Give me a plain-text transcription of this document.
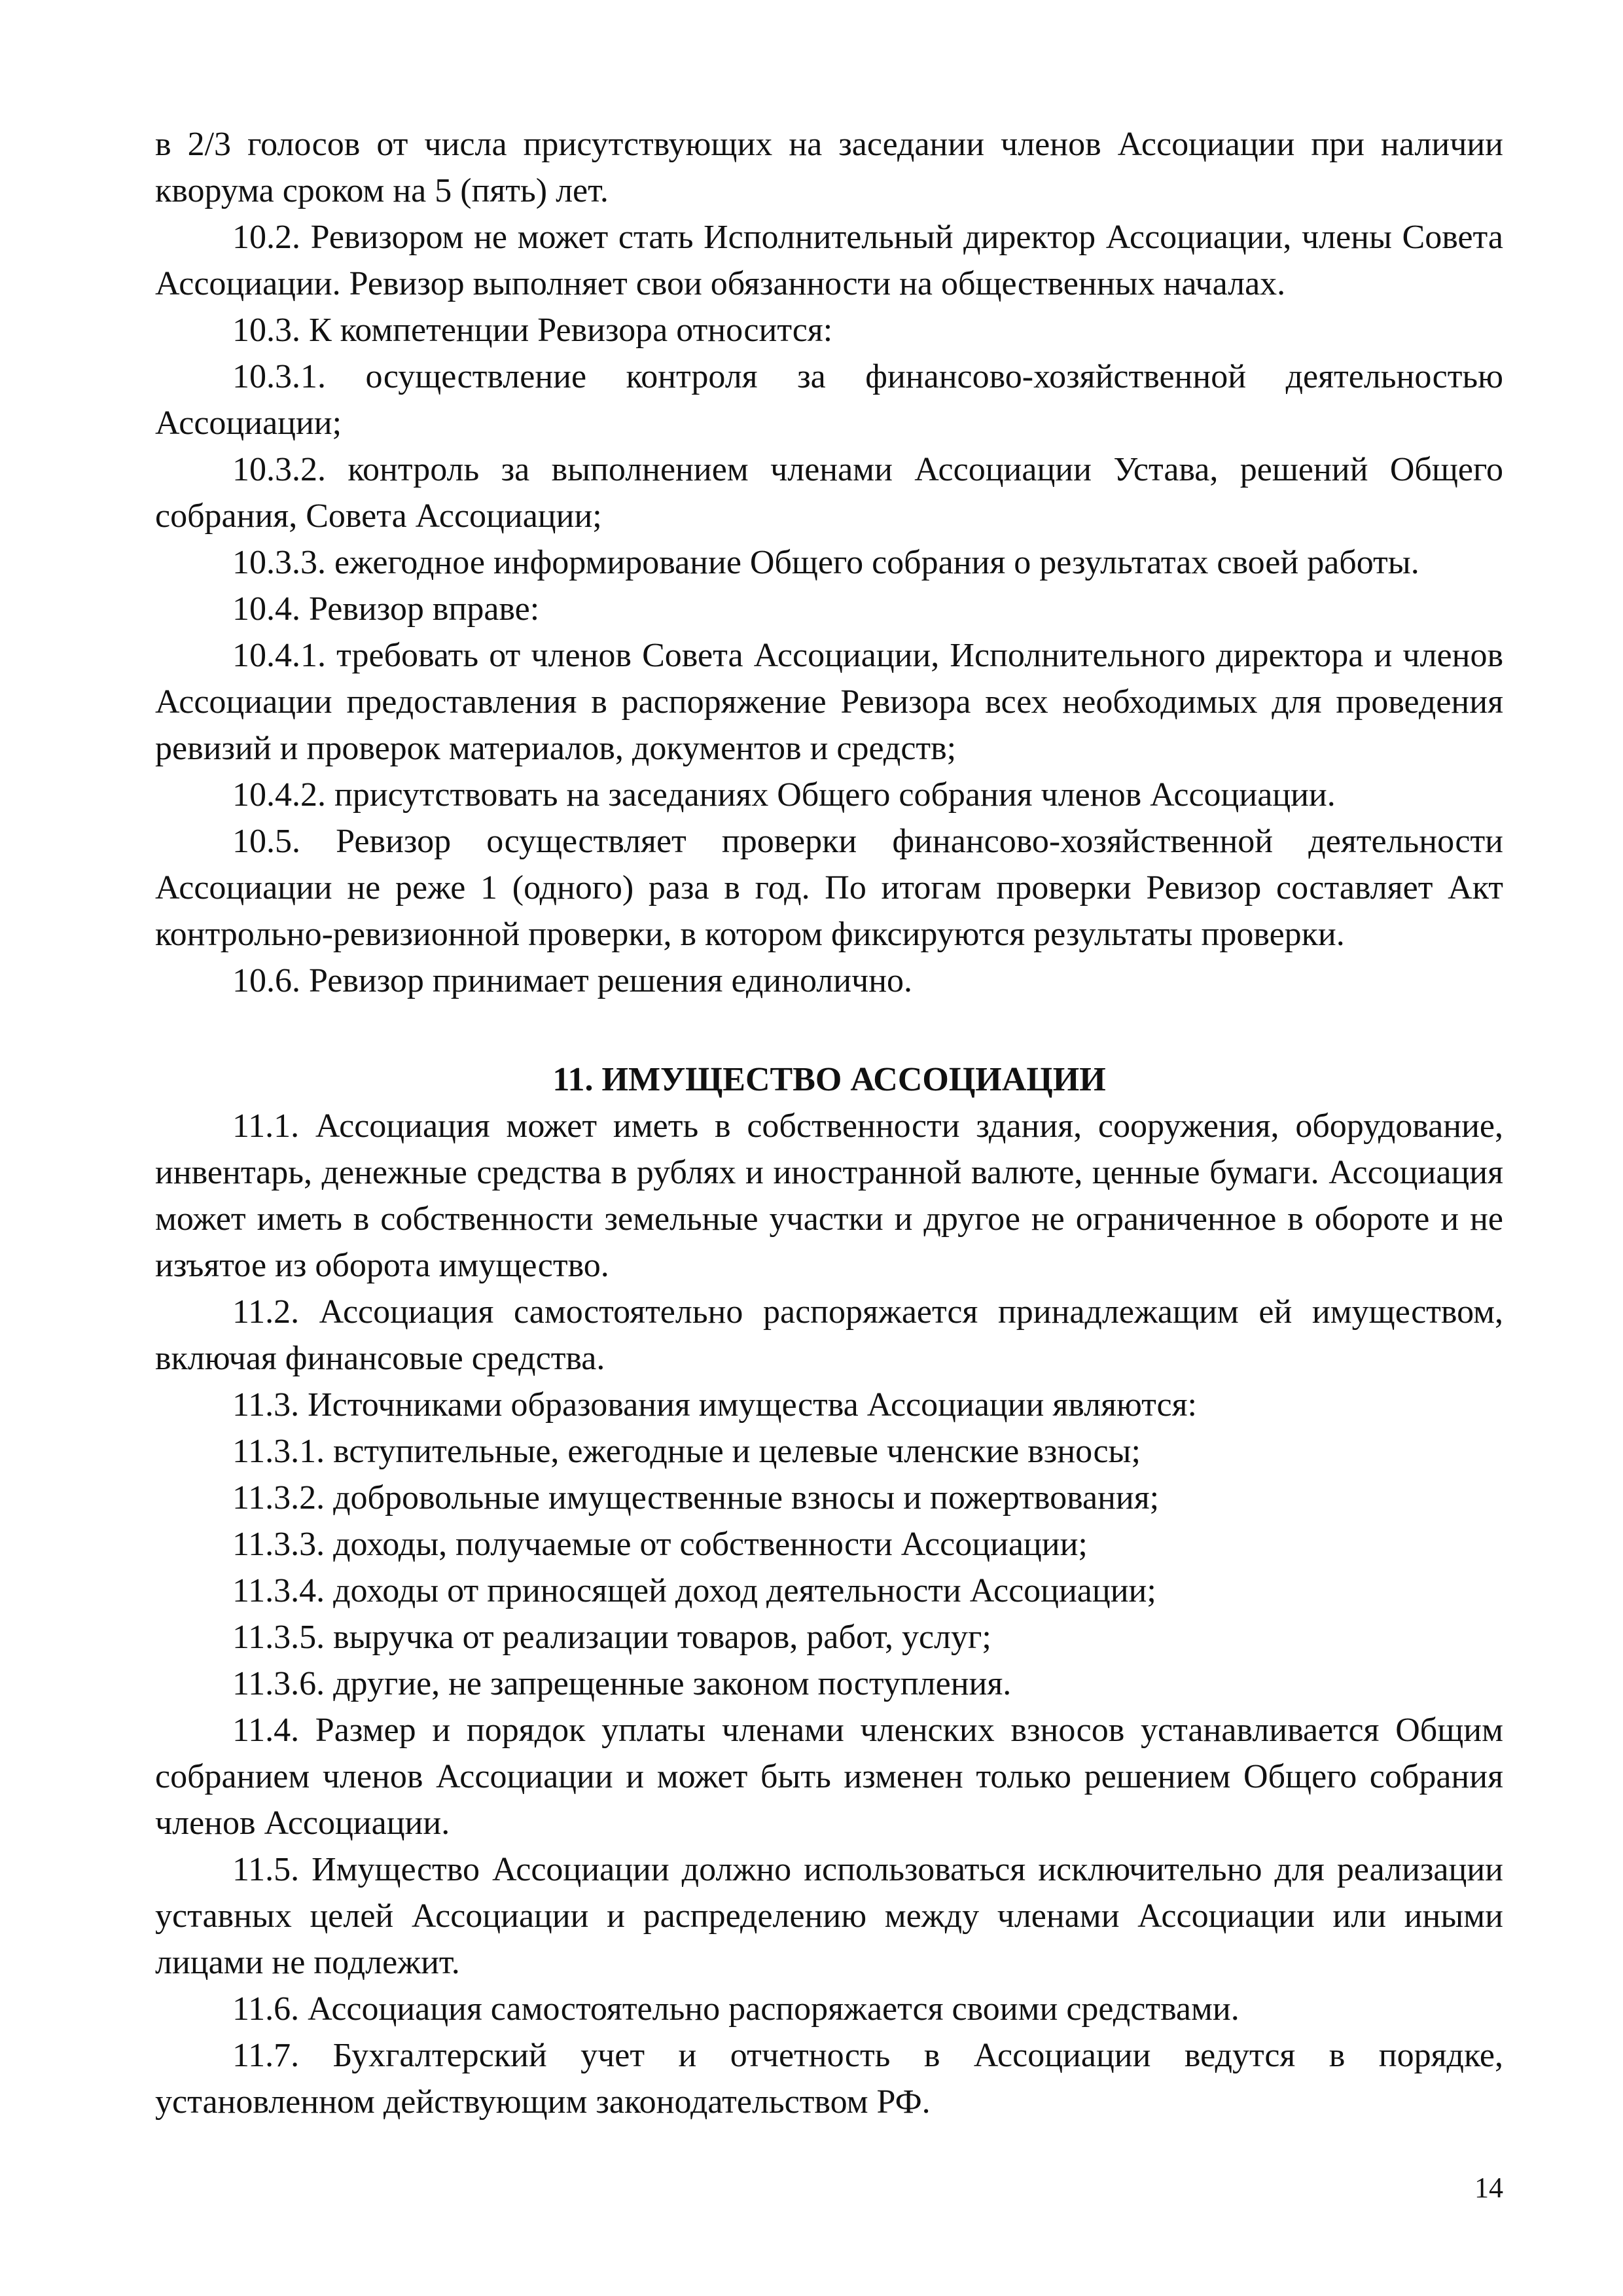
в 2/3 голосов от числа присутствующих на заседании членов Ассоциации при наличии кворума сроком на 5 (пять) лет.

10.2. Ревизором не может стать Исполнительный директор Ассоциации, члены Совета Ассоциации. Ревизор выполняет свои обязанности на общественных началах.

10.3. К компетенции Ревизора относится:

10.3.1. осуществление контроля за финансово-хозяйственной деятельностью Ассоциации;

10.3.2. контроль за выполнением членами Ассоциации Устава, решений Общего собрания, Совета Ассоциации;

10.3.3. ежегодное информирование Общего собрания о результатах своей работы.

10.4. Ревизор вправе:

10.4.1. требовать от членов Совета Ассоциации, Исполнительного директора и членов Ассоциации предоставления в распоряжение Ревизора всех необходимых для проведения ревизий и проверок материалов, документов и средств;

10.4.2. присутствовать на заседаниях Общего собрания членов Ассоциации.

10.5. Ревизор осуществляет проверки финансово-хозяйственной деятельности Ассоциации не реже 1 (одного) раза в год. По итогам проверки Ревизор составляет Акт контрольно-ревизионной проверки, в котором фиксируются результаты проверки.

10.6. Ревизор принимает решения единолично.

11. ИМУЩЕСТВО АССОЦИАЦИИ

11.1. Ассоциация может иметь в собственности здания, сооружения, оборудование, инвентарь, денежные средства в рублях и иностранной валюте, ценные бумаги. Ассоциация может иметь в собственности земельные участки и другое не ограниченное в обороте и не изъятое из оборота имущество.

11.2. Ассоциация самостоятельно распоряжается принадлежащим ей имуществом, включая финансовые средства.

11.3. Источниками образования имущества Ассоциации являются:

11.3.1. вступительные, ежегодные и целевые членские взносы;

11.3.2. добровольные имущественные взносы и пожертвования;

11.3.3. доходы, получаемые от собственности Ассоциации;

11.3.4. доходы от приносящей доход деятельности Ассоциации;

11.3.5. выручка от реализации товаров, работ, услуг;

11.3.6. другие, не запрещенные законом поступления.

11.4. Размер и порядок уплаты членами членских взносов устанавливается Общим собранием членов Ассоциации и может быть изменен только решением Общего собрания членов Ассоциации.

11.5. Имущество Ассоциации должно использоваться исключительно для реализации уставных целей Ассоциации и распределению между членами Ассоциации или иными лицами не подлежит.

11.6. Ассоциация самостоятельно распоряжается своими средствами.

11.7. Бухгалтерский учет и отчетность в Ассоциации ведутся в порядке, установленном действующим законодательством РФ.

14
